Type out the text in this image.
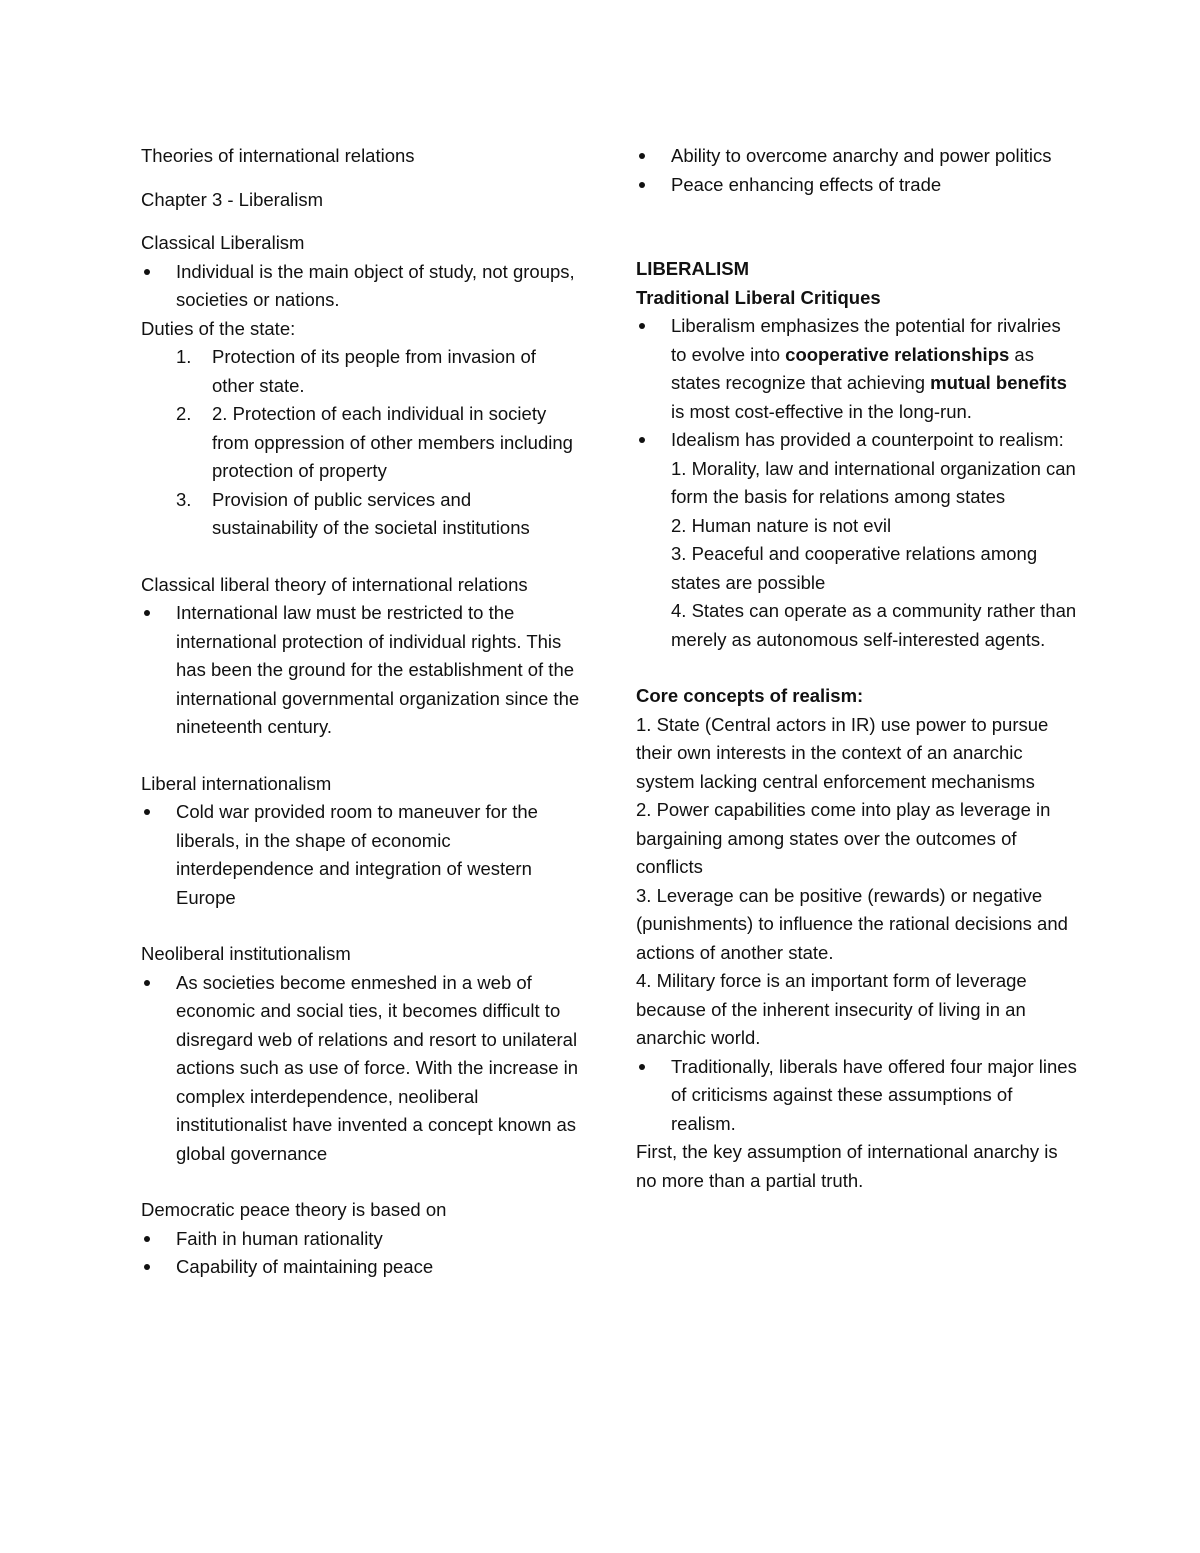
Theories of international relations

Chapter 3 - Liberalism

Classical Liberalism

Individual is the main object of study, not groups, societies or nations.

Duties of the state:

1. Protection of its people from invasion of other state.
2. 2. Protection of each individual in society from oppression of other members including protection of property
3. Provision of public services and sustainability of the societal institutions

Classical liberal theory of international relations

International law must be restricted to the international protection of individual rights. This has been the ground for the establishment of the international governmental organization since the nineteenth century.

Liberal internationalism

Cold war provided room to maneuver for the liberals, in the shape of economic interdependence and integration of western Europe

Neoliberal institutionalism

As societies become enmeshed in a web of economic and social ties, it becomes difficult to disregard web of relations and resort to unilateral actions such as use of force. With the increase in complex interdependence, neoliberal institutionalist have invented a concept known as global governance

Democratic peace theory is based on

Faith in human rationality
Capability of maintaining peace
Ability to overcome anarchy and power politics
Peace enhancing effects of trade

LIBERALISM

Traditional Liberal Critiques

Liberalism emphasizes the potential for rivalries to evolve into cooperative relationships as states recognize that achieving mutual benefits is most cost-effective in the long-run.
Idealism has provided a counterpoint to realism:
1. Morality, law and international organization can form the basis for relations among states
2. Human nature is not evil
3. Peaceful and cooperative relations among states are possible
4. States can operate as a community rather than merely as autonomous self-interested agents.

Core concepts of realism:

1. State (Central actors in IR) use power to pursue their own interests in the context of an anarchic system lacking central enforcement mechanisms

2. Power capabilities come into play as leverage in bargaining among states over the outcomes of conflicts

3. Leverage can be positive (rewards) or negative (punishments) to influence the rational decisions and actions of another state.

4. Military force is an important form of leverage because of the inherent insecurity of living in an anarchic world.

Traditionally, liberals have offered four major lines of criticisms against these assumptions of realism.

First, the key assumption of international anarchy is no more than a partial truth.
